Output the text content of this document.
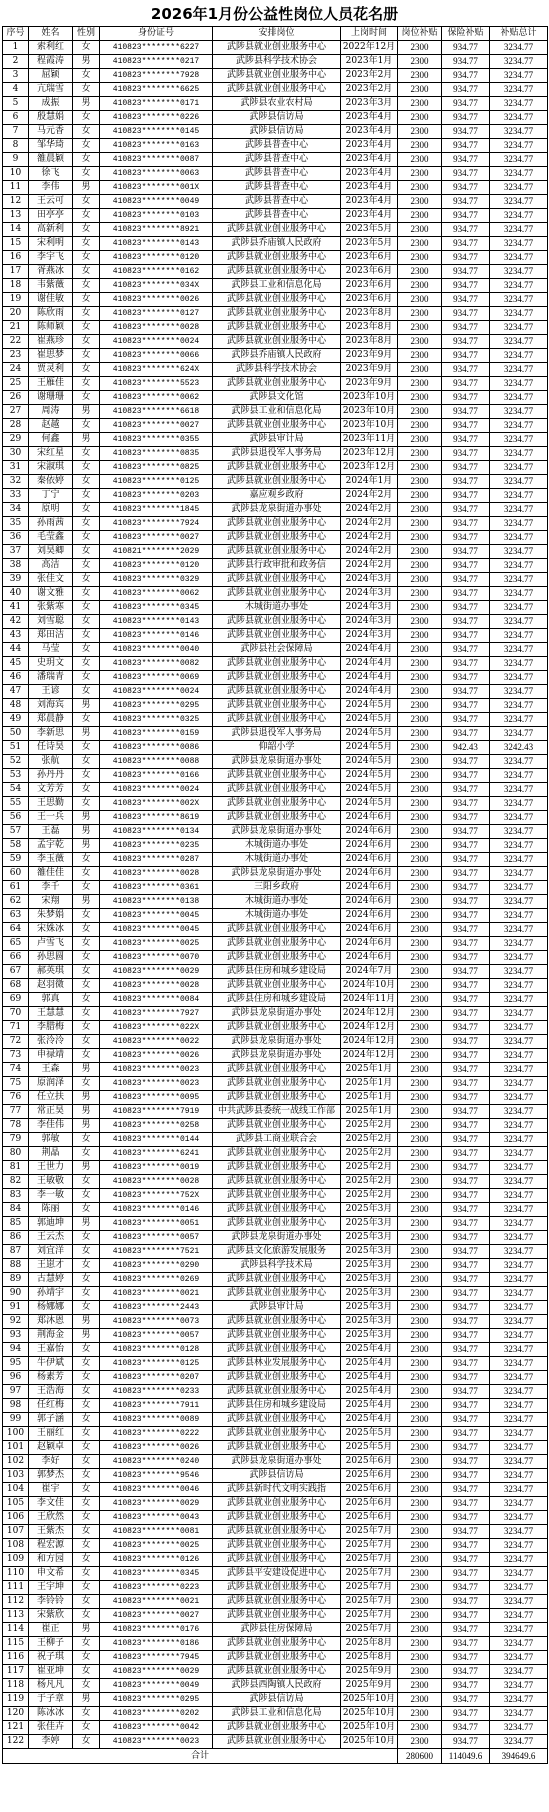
2026年1月份公益性岗位人员花名册
序号	姓名	性别	身份证号	安排岗位	上岗时间	岗位补贴	保险补贴	补贴总计
1	索利红	女	410823********6227	武陟县就业创业服务中心	2022年12月	2300	934.77	3234.77
2	程霞涛	男	410823********0217	武陟县科学技术协会	2023年1月	2300	934.77	3234.77
3	屈颖	女	410823********7928	武陟县就业创业服务中心	2023年2月	2300	934.77	3234.77
4	亢瑞雪	女	410823********6625	武陟县就业创业服务中心	2023年2月	2300	934.77	3234.77
5	成振	男	410823********0171	武陟县农业农村局	2023年3月	2300	934.77	3234.77
6	殷慧娟	女	410823********0226	武陟县信访局	2023年4月	2300	934.77	3234.77
7	马元香	女	410823********0145	武陟县信访局	2023年4月	2300	934.77	3234.77
8	邹华琦	女	410823********0163	武陟县普查中心	2023年4月	2300	934.77	3234.77
9	雒晨颖	女	410823********0087	武陟县普查中心	2023年4月	2300	934.77	3234.77
10	徐飞	女	410823********0063	武陟县普查中心	2023年4月	2300	934.77	3234.77
11	李伟	男	410823********001X	武陟县普查中心	2023年4月	2300	934.77	3234.77
12	王云可	女	410823********0049	武陟县普查中心	2023年4月	2300	934.77	3234.77
13	田亭亭	女	410823********0103	武陟县普查中心	2023年4月	2300	934.77	3234.77
14	高新利	女	410823********8921	武陟县就业创业服务中心	2023年5月	2300	934.77	3234.77
15	宋利明	女	410823********0143	武陟县乔庙镇人民政府	2023年5月	2300	934.77	3234.77
16	李宇飞	女	410823********0120	武陟县就业创业服务中心	2023年6月	2300	934.77	3234.77
17	胥燕冰	女	410823********0162	武陟县就业创业服务中心	2023年6月	2300	934.77	3234.77
18	韦紫薇	女	410823********034X	武陟县工业和信息化局	2023年6月	2300	934.77	3234.77
19	谢佳敏	女	410823********0026	武陟县就业创业服务中心	2023年6月	2300	934.77	3234.77
20	陈欣雨	女	410823********0127	武陟县就业创业服务中心	2023年8月	2300	934.77	3234.77
21	陈师颖	女	410823********0028	武陟县就业创业服务中心	2023年8月	2300	934.77	3234.77
22	崔燕珍	女	410823********0024	武陟县就业创业服务中心	2023年8月	2300	934.77	3234.77
23	崔思梦	女	410823********0066	武陟县乔庙镇人民政府	2023年9月	2300	934.77	3234.77
24	贾灵利	女	410823********624X	武陟县科学技术协会	2023年9月	2300	934.77	3234.77
25	王雁佳	女	410823********5523	武陟县就业创业服务中心	2023年9月	2300	934.77	3234.77
26	谢珊珊	女	410823********0062	武陟县文化馆	2023年10月	2300	934.77	3234.77
27	周涛	男	410823********6618	武陟县工业和信息化局	2023年10月	2300	934.77	3234.77
28	赵越	女	410823********0027	武陟县就业创业服务中心	2023年10月	2300	934.77	3234.77
29	何鑫	男	410823********0355	武陟县审计局	2023年11月	2300	934.77	3234.77
30	宋红星	女	410823********0835	武陟县退役军人事务局	2023年12月	2300	934.77	3234.77
31	宋淑琪	女	410823********0825	武陟县就业创业服务中心	2023年12月	2300	934.77	3234.77
32	秦依婷	女	410823********0125	武陟县就业创业服务中心	2024年1月	2300	934.77	3234.77
33	丁宁	女	410823********0203	嘉应观乡政府	2024年2月	2300	934.77	3234.77
34	原明	女	410823********1845	武陟县龙泉街道办事处	2024年2月	2300	934.77	3234.77
35	孙雨茜	女	410823********7924	武陟县就业创业服务中心	2024年2月	2300	934.77	3234.77
36	毛莹鑫	女	410823********0027	武陟县就业创业服务中心	2024年2月	2300	934.77	3234.77
37	刘昊卿	女	410821********2029	武陟县就业创业服务中心	2024年2月	2300	934.77	3234.77
38	高洁	女	410823********0120	武陟县行政审批和政务信	2024年2月	2300	934.77	3234.77
39	张佳文	女	410823********0329	武陟县就业创业服务中心	2024年3月	2300	934.77	3234.77
40	谢文雅	女	410823********0062	武陟县就业创业服务中心	2024年3月	2300	934.77	3234.77
41	张紫寒	女	410823********0345	木城街道办事处	2024年3月	2300	934.77	3234.77
42	刘雪聪	女	410823********0143	武陟县就业创业服务中心	2024年3月	2300	934.77	3234.77
43	郑田洁	女	410823********0146	武陟县就业创业服务中心	2024年3月	2300	934.77	3234.77
44	马莹	女	410823********0040	武陟县社会保障局	2024年4月	2300	934.77	3234.77
45	史玥文	女	410823********0082	武陟县就业创业服务中心	2024年4月	2300	934.77	3234.77
46	潘瑞青	女	410823********0069	武陟县就业创业服务中心	2024年4月	2300	934.77	3234.77
47	王谚	女	410823********0024	武陟县就业创业服务中心	2024年4月	2300	934.77	3234.77
48	刘海宾	男	410823********0295	武陟县就业创业服务中心	2024年5月	2300	934.77	3234.77
49	郑晨静	女	410823********0325	武陟县就业创业服务中心	2024年5月	2300	934.77	3234.77
50	李新思	男	410823********0159	武陟县退役军人事务局	2024年5月	2300	934.77	3234.77
51	任诗昊	女	410823********0086	仰韶小学	2024年5月	2300	942.43	3242.43
52	张航	女	410823********0088	武陟县龙泉街道办事处	2024年5月	2300	934.77	3234.77
53	孙丹丹	女	410823********0166	武陟县就业创业服务中心	2024年5月	2300	934.77	3234.77
54	文芳芳	女	410823********0024	武陟县就业创业服务中心	2024年5月	2300	934.77	3234.77
55	王思勤	女	410823********002X	武陟县就业创业服务中心	2024年5月	2300	934.77	3234.77
56	王一兵	男	410823********8619	武陟县就业创业服务中心	2024年6月	2300	934.77	3234.77
57	王磊	男	410823********0134	武陟县龙泉街道办事处	2024年6月	2300	934.77	3234.77
58	孟宇乾	男	410823********0235	木城街道办事处	2024年6月	2300	934.77	3234.77
59	李玉薇	女	410823********0287	木城街道办事处	2024年6月	2300	934.77	3234.77
60	雒佳佳	女	410823********0028	武陟县龙泉街道办事处	2024年6月	2300	934.77	3234.77
61	李千	女	410823********0361	三阳乡政府	2024年6月	2300	934.77	3234.77
62	宋翔	男	410823********0138	木城街道办事处	2024年6月	2300	934.77	3234.77
63	朱梦娟	女	410823********0045	木城街道办事处	2024年6月	2300	934.77	3234.77
64	宋姝冰	女	410823********0045	武陟县就业创业服务中心	2024年6月	2300	934.77	3234.77
65	卢雪飞	女	410823********0025	武陟县就业创业服务中心	2024年6月	2300	934.77	3234.77
66	孙思圆	女	410823********0070	武陟县就业创业服务中心	2024年6月	2300	934.77	3234.77
67	郝英琪	女	410823********0029	武陟县住房和城乡建设局	2024年7月	2300	934.77	3234.77
68	赵羽微	女	410823********0028	武陟县就业创业服务中心	2024年10月	2300	934.77	3234.77
69	郭真	女	410823********0084	武陟县住房和城乡建设局	2024年11月	2300	934.77	3234.77
70	王慧慧	女	410823********7927	武陟县龙泉街道办事处	2024年12月	2300	934.77	3234.77
71	李腊梅	女	410823********022X	武陟县就业创业服务中心	2024年12月	2300	934.77	3234.77
72	张泠泠	女	410823********0022	武陟县龙泉街道办事处	2024年12月	2300	934.77	3234.77
73	申禄靖	女	410823********0026	武陟县龙泉街道办事处	2024年12月	2300	934.77	3234.77
74	王森	男	410823********0023	武陟县就业创业服务中心	2025年1月	2300	934.77	3234.77
75	原润泽	女	410823********0023	武陟县就业创业服务中心	2025年1月	2300	934.77	3234.77
76	任立扶	男	410823********0095	武陟县就业创业服务中心	2025年1月	2300	934.77	3234.77
77	常正昊	男	410823********7919	中共武陟县委统一战线工作部	2025年1月	2300	934.77	3234.77
78	李佳伟	男	410823********0258	武陟县就业创业服务中心	2025年2月	2300	934.77	3234.77
79	郭敏	女	410823********0144	武陟县工商业联合会	2025年2月	2300	934.77	3234.77
80	荆晶	女	410823********6241	武陟县就业创业服务中心	2025年2月	2300	934.77	3234.77
81	王世力	男	410823********0019	武陟县就业创业服务中心	2025年2月	2300	934.77	3234.77
82	王敏敬	女	410823********0028	武陟县就业创业服务中心	2025年2月	2300	934.77	3234.77
83	李一敏	女	410823********752X	武陟县就业创业服务中心	2025年2月	2300	934.77	3234.77
84	陈丽	女	410823********0146	武陟县就业创业服务中心	2025年3月	2300	934.77	3234.77
85	郭迪坤	男	410823********0051	武陟县就业创业服务中心	2025年3月	2300	934.77	3234.77
86	王云杰	女	410823********0057	武陟县龙泉街道办事处	2025年3月	2300	934.77	3234.77
87	刘宜洋	女	410823********7521	武陟县文化旅游发展服务	2025年3月	2300	934.77	3234.77
88	王崽才	女	410823********0290	武陟县科学技术局	2025年3月	2300	934.77	3234.77
89	古慧婷	女	410823********0269	武陟县就业创业服务中心	2025年3月	2300	934.77	3234.77
90	孙靖宇	女	410823********0021	武陟县就业创业服务中心	2025年3月	2300	934.77	3234.77
91	杨娜娜	女	410823********2443	武陟县审计局	2025年3月	2300	934.77	3234.77
92	郑沐恩	男	410823********0073	武陟县就业创业服务中心	2025年3月	2300	934.77	3234.77
93	荆海金	男	410823********0057	武陟县就业创业服务中心	2025年3月	2300	934.77	3234.77
94	王嘉怡	女	410823********0128	武陟县就业创业服务中心	2025年4月	2300	934.77	3234.77
95	牛伊斌	女	410823********0125	武陟县林业发展服务中心	2025年4月	2300	934.77	3234.77
96	杨素芳	女	410823********0207	武陟县就业创业服务中心	2025年4月	2300	934.77	3234.77
97	王浩海	女	410823********0233	武陟县就业创业服务中心	2025年4月	2300	934.77	3234.77
98	任红梅	女	410823********7911	武陟县住房和城乡建设局	2025年4月	2300	934.77	3234.77
99	郭子涵	女	410823********0089	武陟县就业创业服务中心	2025年4月	2300	934.77	3234.77
100	王丽红	女	410823********0222	武陟县就业创业服务中心	2025年5月	2300	934.77	3234.77
101	赵颖卓	女	410823********0026	武陟县就业创业服务中心	2025年5月	2300	934.77	3234.77
102	李好	女	410823********0240	武陟县龙泉街道办事处	2025年6月	2300	934.77	3234.77
103	郭梦杰	女	410823********9546	武陟县信访局	2025年6月	2300	934.77	3234.77
104	崔宇	女	410823********0046	武陟县新时代文明实践指	2025年6月	2300	934.77	3234.77
105	李文佳	女	410823********0029	武陟县就业创业服务中心	2025年6月	2300	934.77	3234.77
106	王欣然	女	410823********0043	武陟县就业创业服务中心	2025年6月	2300	934.77	3234.77
107	王紫杰	女	410823********0081	武陟县就业创业服务中心	2025年7月	2300	934.77	3234.77
108	程宏源	女	410823********0025	武陟县就业创业服务中心	2025年7月	2300	934.77	3234.77
109	和方园	女	410823********0126	武陟县就业创业服务中心	2025年7月	2300	934.77	3234.77
110	申文希	女	410823********0345	武陟县平安建设促进中心	2025年7月	2300	934.77	3234.77
111	王宇坤	女	410823********0223	武陟县就业创业服务中心	2025年7月	2300	934.77	3234.77
112	李铃铃	女	410823********0021	武陟县就业创业服务中心	2025年7月	2300	934.77	3234.77
113	宋紫欣	女	410823********0027	武陟县就业创业服务中心	2025年7月	2300	934.77	3234.77
114	崔正	男	410823********0176	武陟县住房保障局	2025年7月	2300	934.77	3234.77
115	王柳子	女	410823********0186	武陟县就业创业服务中心	2025年8月	2300	934.77	3234.77
116	祝子琪	女	410823********7945	武陟县就业创业服务中心	2025年8月	2300	934.77	3234.77
117	崔亚坤	女	410823********0029	武陟县就业创业服务中心	2025年9月	2300	934.77	3234.77
118	杨凡凡	女	410823********0049	武陟县西陶镇人民政府	2025年9月	2300	934.77	3234.77
119	于子章	男	410823********0295	武陟县信访局	2025年10月	2300	934.77	3234.77
120	陈冰冰	女	410823********0202	武陟县工业和信息化局	2025年10月	2300	934.77	3234.77
121	张佳卉	女	410823********0042	武陟县就业创业服务中心	2025年10月	2300	934.77	3234.77
122	李婷	女	410823********0023	武陟县就业创业服务中心	2025年10月	2300	934.77	3234.77
合计						280600	114049.6	394649.6
